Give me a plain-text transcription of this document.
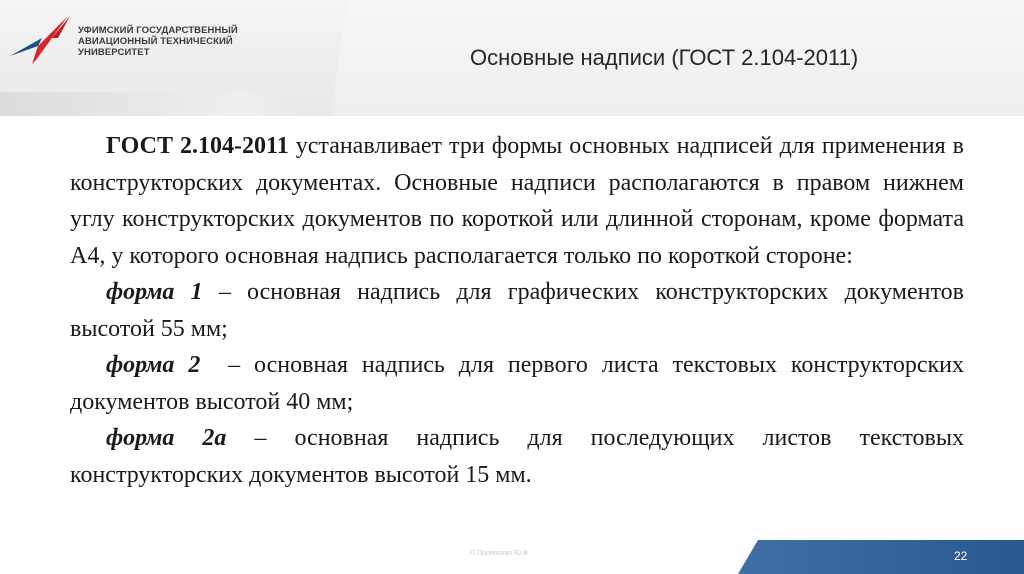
УФИМСКИЙ ГОСУДАРСТВЕННЫЙ
АВИАЦИОННЫЙ ТЕХНИЧЕСКИЙ
УНИВЕРСИТЕТ	Основные надписи (ГОСТ 2.104-2011)

ГОСТ 2.104-2011 устанавливает три формы основных надписей для применения в конструкторских документах. Основные надписи располагаются в правом нижнем углу конструкторских документов по короткой или длинной сторонам, кроме формата А4, у которого основная надпись располагается только по короткой стороне:

форма 1 – основная надпись для графических конструкторских документов высотой 55 мм;

форма 2  – основная надпись для первого листа текстовых конструкторских документов высотой 40 мм;

форма 2а – основная надпись для последующих листов текстовых конструкторских документов высотой 15 мм.

© Полянская Ю.В.	22
